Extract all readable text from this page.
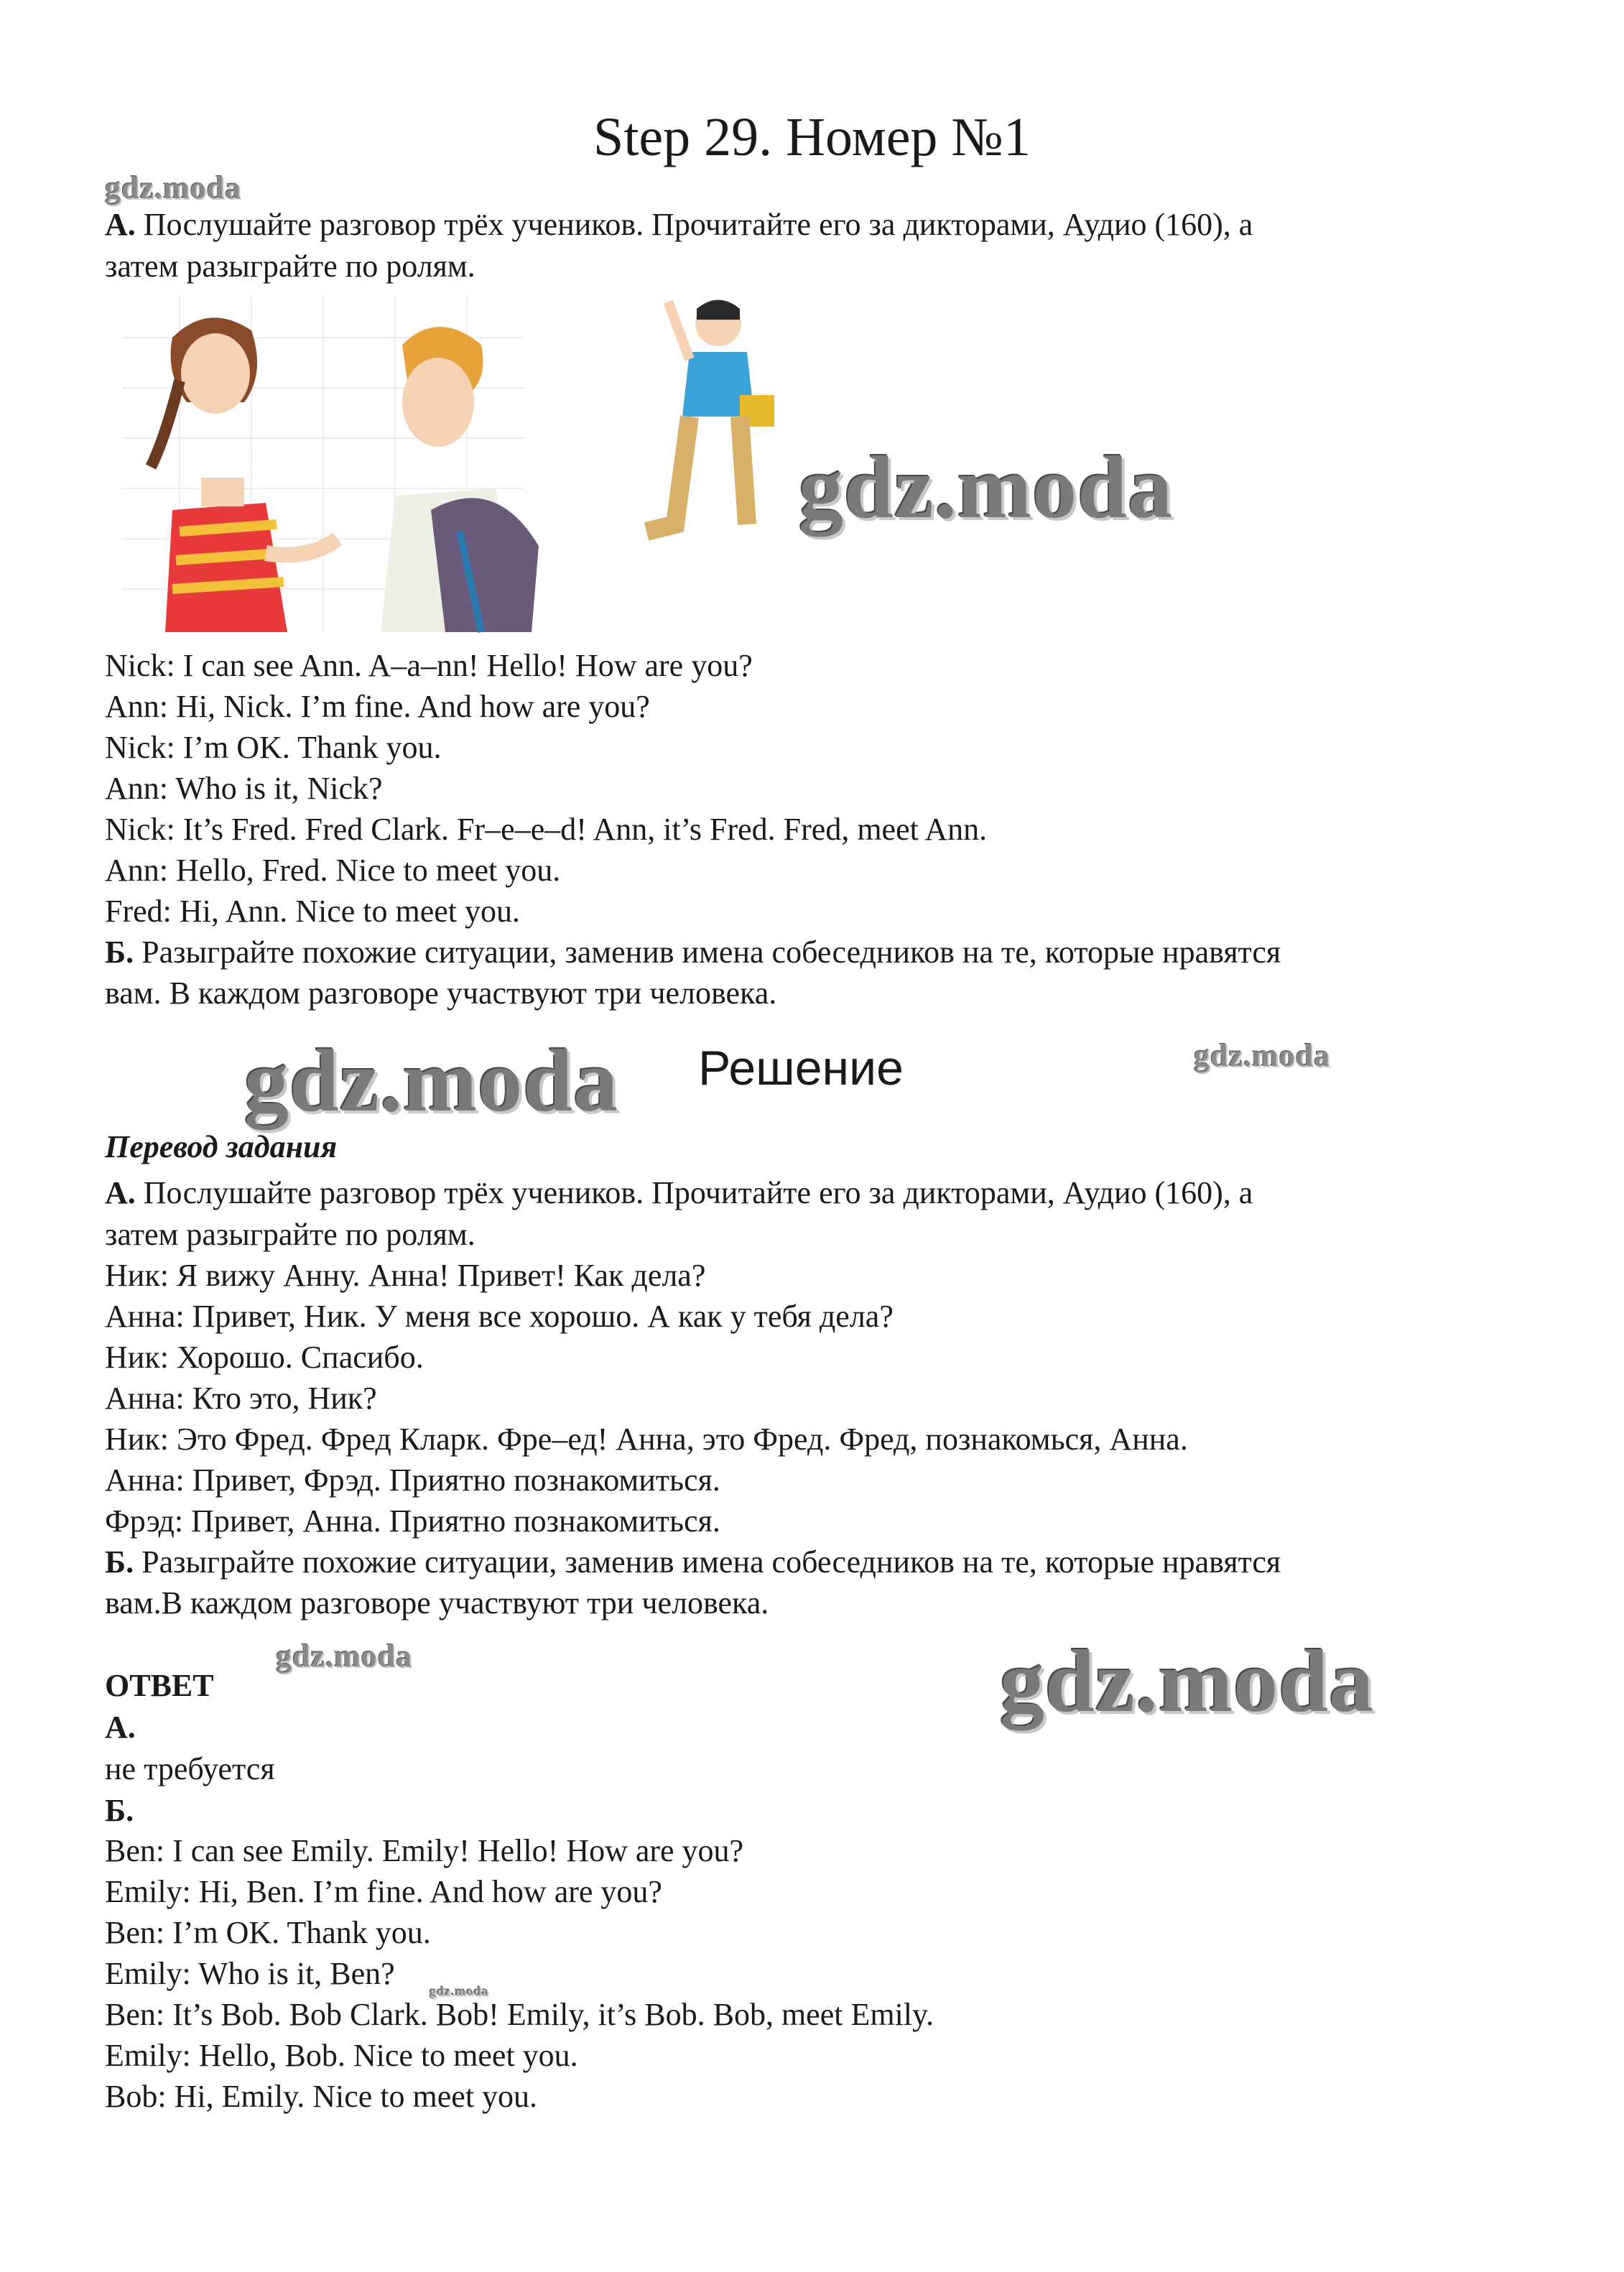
Step 29. Номер №1
gdz.moda
gdz.moda
gdz.moda	gdz.moda
gdz.moda	gdz.moda
gdz.moda
А. Послушайте разговор трёх учеников. Прочитайте его за дикторами, Аудио (160), а
затем разыграйте по ролям.
Nick: I can see Ann. A–a–nn! Hello! How are you?
Ann: Hi, Nick. I’m fine. And how are you?
Nick: I’m OK. Thank you.
Ann: Who is it, Nick?
Nick: It’s Fred. Fred Clark. Fr–e–e–d! Ann, it’s Fred. Fred, meet Ann.
Ann: Hello, Fred. Nice to meet you.
Fred: Hi, Ann. Nice to meet you.
Б. Разыграйте похожие ситуации, заменив имена собеседников на те, которые нравятся
вам. В каждом разговоре участвуют три человека.
Решение
Перевод задания
А. Послушайте разговор трёх учеников. Прочитайте его за дикторами, Аудио (160), а
затем разыграйте по ролям.
Ник: Я вижу Анну. Анна! Привет! Как дела?
Анна: Привет, Ник. У меня все хорошо. А как у тебя дела?
Ник: Хорошо. Спасибо.
Анна: Кто это, Ник?
Ник: Это Фред. Фред Кларк. Фре–ед! Анна, это Фред. Фред, познакомься, Анна.
Анна: Привет, Фрэд. Приятно познакомиться.
Фрэд: Привет, Анна. Приятно познакомиться.
Б. Разыграйте похожие ситуации, заменив имена собеседников на те, которые нравятся
вам.В каждом разговоре участвуют три человека.
ОТВЕТ
А.
не требуется
Б.
Ben: I can see Emily. Emily! Hello! How are you?
Emily: Hi, Ben. I’m fine. And how are you?
Ben: I’m OK. Thank you.
Emily: Who is it, Ben?
Ben: It’s Bob. Bob Clark. Bob! Emily, it’s Bob. Bob, meet Emily.
Emily: Hello, Bob. Nice to meet you.
Bob: Hi, Emily. Nice to meet you.
